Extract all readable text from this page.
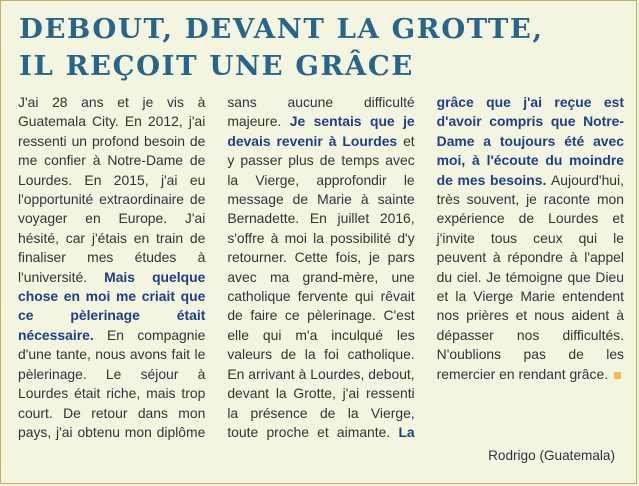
DEBOUT, DEVANT LA GROTTE,
IL REÇOIT UNE GRÂCE

J'ai 28 ans et je vis à Guatemala City. En 2012, j'ai ressenti un profond besoin de me confier à Notre-Dame de Lourdes. En 2015, j'ai eu l'opportunité extraordinaire de voyager en Europe. J'ai hésité, car j'étais en train de finaliser mes études à l'université.

Mais quelque chose en moi me criait que ce pèlerinage était nécessaire.

En compagnie d'une tante, nous avons fait le pèlerinage. Le séjour à Lourdes était riche, mais trop court. De retour dans mon pays, j'ai obtenu mon diplôme sans aucune difficulté majeure.

Je sentais que je devais revenir à Lourdes

et y passer plus de temps avec la Vierge, approfondir le message de Marie à sainte Bernadette. En juillet 2016, s'offre à moi la possibilité d'y retourner. Cette fois, je pars avec ma grand-mère, une catholique fervente qui rêvait de faire ce pèlerinage. C'est elle qui m'a inculqué les valeurs de la foi catholique. En arrivant à Lourdes, debout, devant la Grotte, j'ai ressenti la présence de la Vierge, toute proche et aimante.

La grâce que j'ai reçue est d'avoir compris que Notre-Dame a toujours été avec moi, à l'écoute du moindre de mes besoins.

Aujourd'hui, très souvent, je raconte mon expérience de Lourdes et j'invite tous ceux qui le peuvent à répondre à l'appel du ciel. Je témoigne que Dieu et la Vierge Marie entendent nos prières et nous aident à dépasser nos difficultés. N'oublions pas de les remercier en rendant grâce.

Rodrigo (Guatemala)
